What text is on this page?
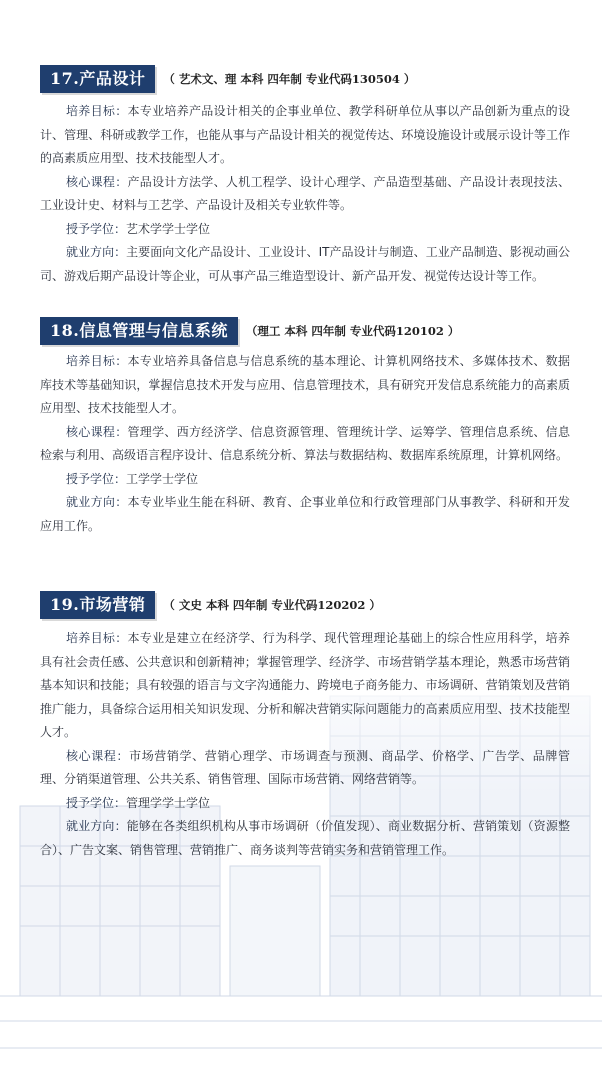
17.产品设计	（ 艺术文、理 本科 四年制 专业代码130504 ）

培养目标：本专业培养产品设计相关的企事业单位、教学科研单位从事以产品创新为重点的设计、管理、科研或教学工作，也能从事与产品设计相关的视觉传达、环境设施设计或展示设计等工作的高素质应用型、技术技能型人才。

核心课程：产品设计方法学、人机工程学、设计心理学、产品造型基础、产品设计表现技法、工业设计史、材料与工艺学、产品设计及相关专业软件等。

授予学位：艺术学学士学位

就业方向：主要面向文化产品设计、工业设计、IT产品设计与制造、工业产品制造、影视动画公司、游戏后期产品设计等企业，可从事产品三维造型设计、新产品开发、视觉传达设计等工作。

18.信息管理与信息系统	（理工 本科 四年制 专业代码120102 ）

培养目标：本专业培养具备信息与信息系统的基本理论、计算机网络技术、多媒体技术、数据库技术等基础知识，掌握信息技术开发与应用、信息管理技术，具有研究开发信息系统能力的高素质应用型、技术技能型人才。

核心课程：管理学、西方经济学、信息资源管理、管理统计学、运筹学、管理信息系统、信息检索与利用、高级语言程序设计、信息系统分析、算法与数据结构、数据库系统原理，计算机网络。

授予学位：工学学士学位

就业方向：本专业毕业生能在科研、教育、企事业单位和行政管理部门从事教学、科研和开发应用工作。

19.市场营销	（ 文史 本科 四年制 专业代码120202 ）

培养目标：本专业是建立在经济学、行为科学、现代管理理论基础上的综合性应用科学，培养具有社会责任感、公共意识和创新精神；掌握管理学、经济学、市场营销学基本理论，熟悉市场营销基本知识和技能；具有较强的语言与文字沟通能力、跨境电子商务能力、市场调研、营销策划及营销推广能力，具备综合运用相关知识发现、分析和解决营销实际问题能力的高素质应用型、技术技能型人才。

核心课程：市场营销学、营销心理学、市场调查与预测、商品学、价格学、广告学、品牌管理、分销渠道管理、公共关系、销售管理、国际市场营销、网络营销等。

授予学位：管理学学士学位

就业方向：能够在各类组织机构从事市场调研（价值发现）、商业数据分析、营销策划（资源整合）、广告文案、销售管理、营销推广、商务谈判等营销实务和营销管理工作。
